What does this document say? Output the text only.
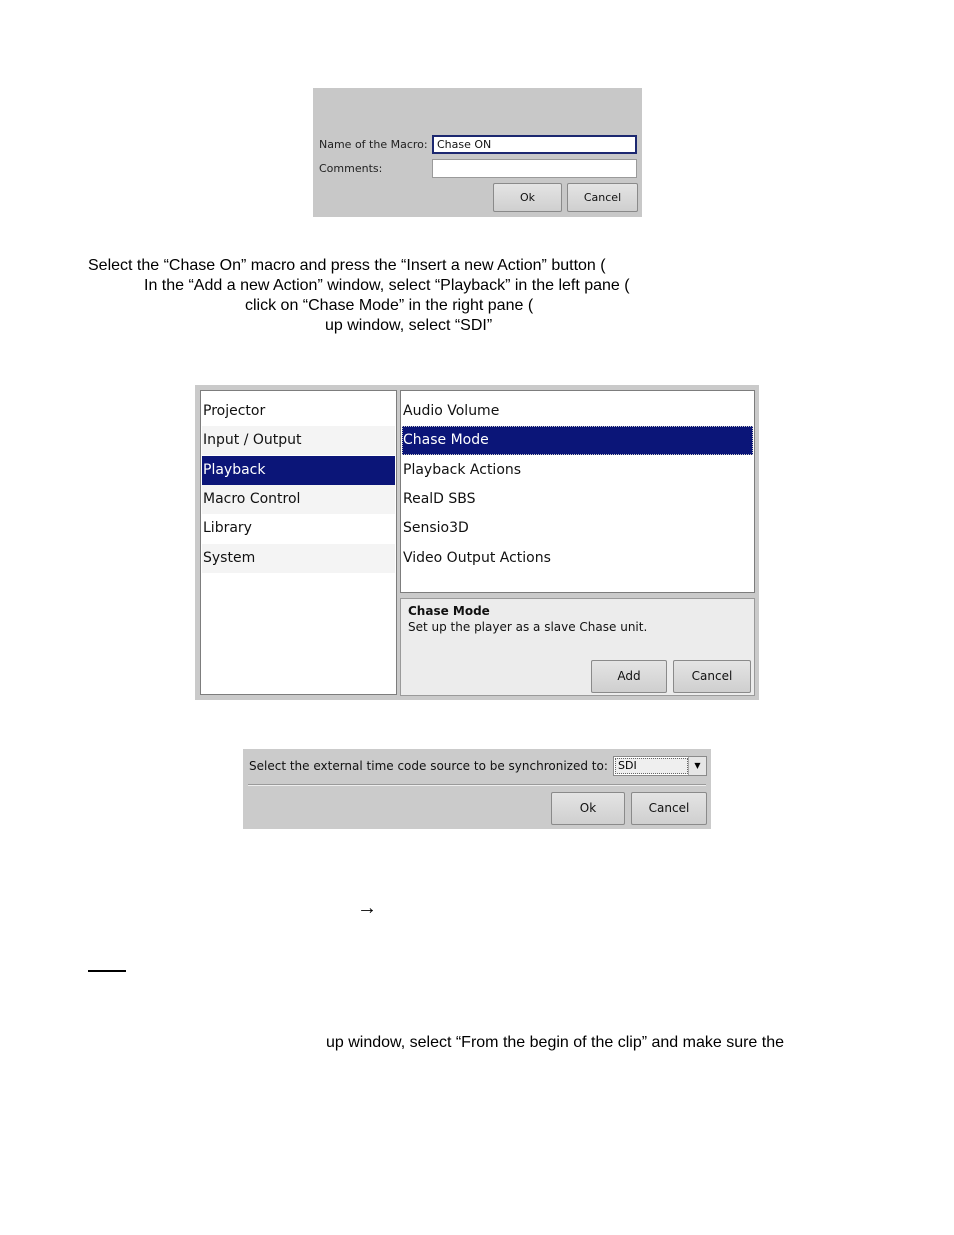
Name of the Macro: Chase ON
Comments:
Ok	Cancel
Select the “Chase On” macro and press the “Insert a new Action” button (
In the “Add a new Action” window, select “Playback” in the left pane (
click on “Chase Mode” in the right pane (
up window, select “SDI”
Projector
Input / Output
Playback
Macro Control
Library
System
Audio Volume
Chase Mode
Playback Actions
RealD SBS
Sensio3D
Video Output Actions
Chase Mode
Set up the player as a slave Chase unit.
Add	Cancel
Select the external time code source to be synchronized to: SDI	▼
Ok	Cancel
→
up window, select “From the begin of the clip” and make sure the
